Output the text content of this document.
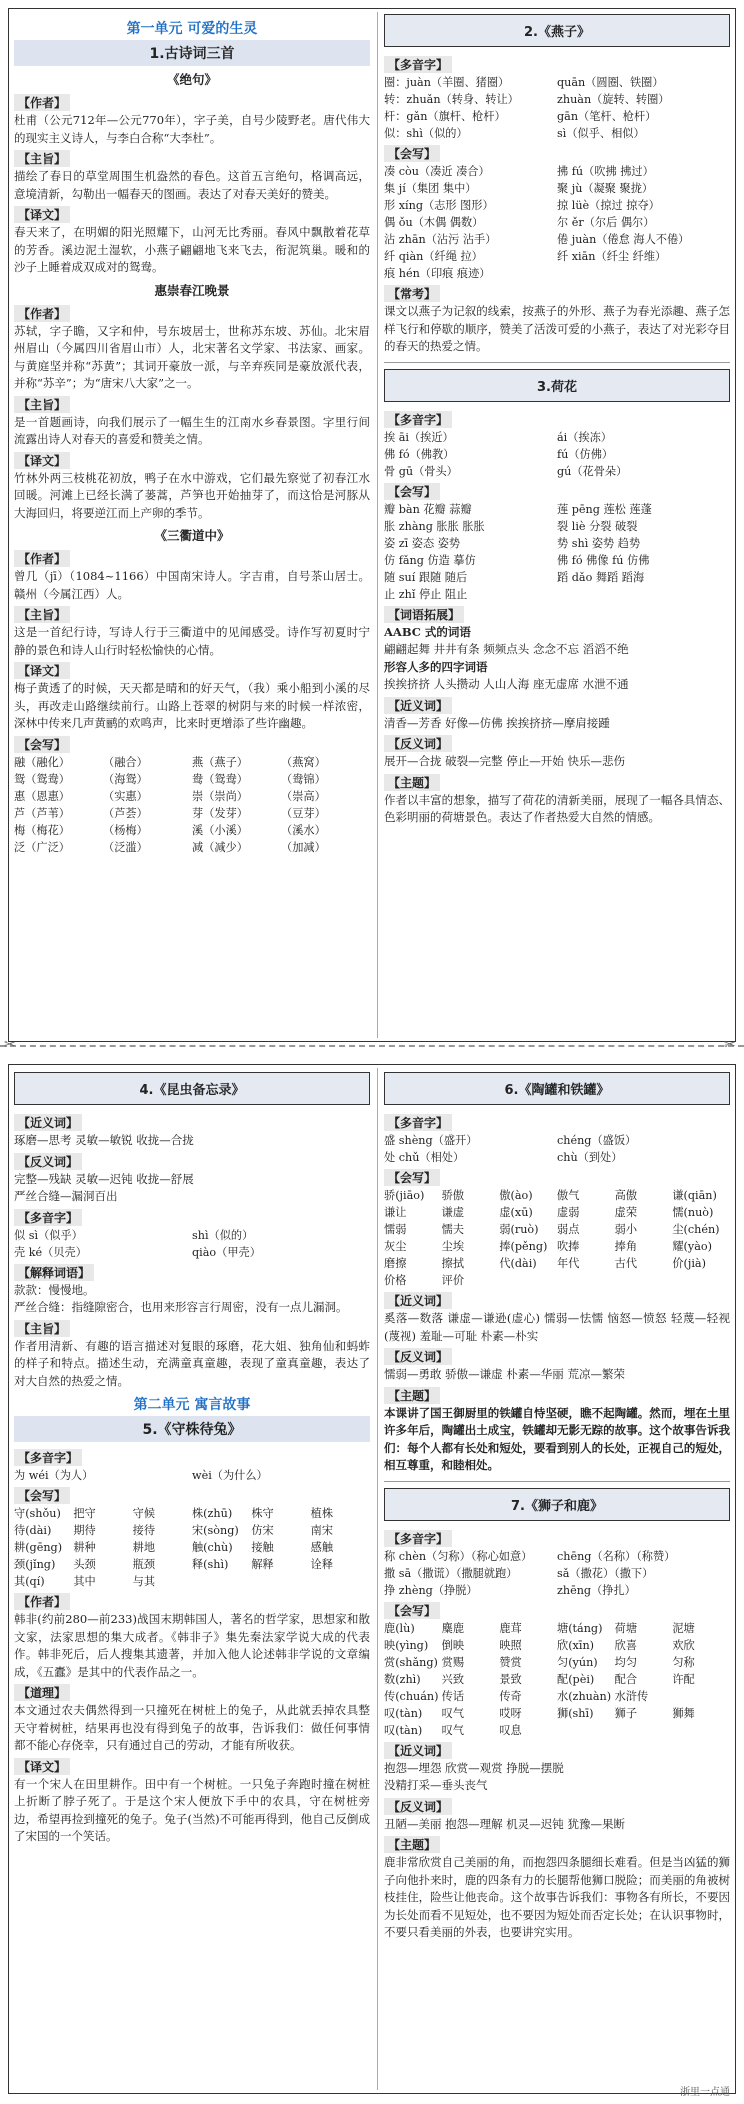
第一单元 可爱的生灵
1.古诗词三首
《绝句》
【作者】
杜甫（公元712年—公元770年），字子美，自号少陵野老。唐代伟大的现实主义诗人，与李白合称“大李杜”。
【主旨】
描绘了春日的草堂周围生机盎然的春色。这首五言绝句，格调高远，意境清新，勾勒出一幅春天的图画。表达了对春天美好的赞美。
【译文】
春天来了，在明媚的阳光照耀下，山河无比秀丽。春风中飘散着花草的芳香。溪边泥土湿软，小燕子翩翩地飞来飞去，衔泥筑巢。暖和的沙子上睡着成双成对的鸳鸯。
惠崇春江晚景
【作者】
苏轼，字子瞻，又字和仲，号东坡居士，世称苏东坡、苏仙。北宋眉州眉山（今属四川省眉山市）人，北宋著名文学家、书法家、画家。与黄庭坚并称“苏黄”；其词开豪放一派，与辛弃疾同是豪放派代表，并称“苏辛”；为“唐宋八大家”之一。
【主旨】
是一首题画诗，向我们展示了一幅生生的江南水乡春景图。字里行间流露出诗人对春天的喜爱和赞美之情。
【译文】
竹林外两三枝桃花初放，鸭子在水中游戏，它们最先察觉了初春江水回暖。河滩上已经长满了蒌蒿，芦笋也开始抽芽了，而这恰是河豚从大海回归，将要逆江而上产卵的季节。
《三衢道中》
【作者】
曾几（jī）（1084~1166）中国南宋诗人。字吉甫，自号茶山居士。赣州（今属江西）人。
【主旨】
这是一首纪行诗，写诗人行于三衢道中的见闻感受。诗作写初夏时宁静的景色和诗人山行时轻松愉快的心情。
【译文】
梅子黄透了的时候，天天都是晴和的好天气，（我）乘小船到小溪的尽头，再改走山路继续前行。山路上苍翠的树阴与来的时候一样浓密，深林中传来几声黄鹂的欢鸣声，比来时更增添了些许幽趣。
【会写】
融（融化）	（融合）	燕（燕子）	（燕窝）
鸳（鸳鸯）	（海鸳）	鸯（鸳鸯）	（鸯锦）
惠（恩惠）	（实惠）	崇（崇尚）	（崇高）
芦（芦苇）	（芦荟）	芽（发芽）	（豆芽）
梅（梅花）	（杨梅）	溪（小溪）	（溪水）
泛（广泛）	（泛滥）	减（减少）	（加减）
2.《燕子》
【多音字】
圈：juàn（羊圈、猪圈）	quān（圆圈、铁圈）
转：zhuǎn（转身、转让）	zhuàn（旋转、转圈）
杆：gǎn（旗杆、枪杆）	gān（笔杆、枪杆）
似：shì（似的）	sì（似乎、相似）
【会写】
凑 còu（凑近 凑合）	拂 fú（吹拂 拂过）
集 jí（集团 集中）	聚 jù（凝聚 聚拢）
形 xíng（志形 图形）	掠 lüè（掠过 掠夺）
偶 ǒu（木偶 偶数）	尔 ěr（尔后 偶尔）
沾 zhān（沾污 沾手）	倦 juàn（倦怠 海人不倦）
纤 qiàn（纤绳 拉）	纤 xiān（纤尘 纤维）
痕 hén（印痕 痕迹）
【常考】
课文以燕子为记叙的线索，按燕子的外形、燕子为春光添趣、燕子怎样飞行和停歇的顺序，赞美了活泼可爱的小燕子，表达了对光彩夺目的春天的热爱之情。
3.荷花
【多音字】
挨 āi（挨近）	ái（挨冻）
佛 fó（佛教）	fú（仿佛）
骨 gū（骨头）	gú（花骨朵）
【会写】
瓣 bàn 花瓣 蒜瓣	莲 pēng 莲松 莲蓬
胀 zhàng 胀胀 胀胀	裂 liè 分裂 破裂
姿 zī 姿态 姿势	势 shì 姿势 趋势
仿 fǎng 仿造 摹仿	佛 fó 佛像 fú 仿佛
随 suí 跟随 随后	蹈 dǎo 舞蹈 蹈海
止 zhǐ 停止 阻止
【词语拓展】
AABC 式的词语
翩翩起舞 井井有条 频频点头 念念不忘 滔滔不绝
形容人多的四字词语
挨挨挤挤 人头攒动 人山人海 座无虚席 水泄不通
【近义词】
清香—芳香 好像—仿佛 挨挨挤挤—摩肩接踵
【反义词】
展开—合拢 破裂—完整 停止—开始 快乐—悲伤
【主题】
作者以丰富的想象，描写了荷花的清新美丽，展现了一幅各具情态、色彩明丽的荷塘景色。表达了作者热爱大自然的情感。
✂	✂
4.《昆虫备忘录》
【近义词】
琢磨—思考 灵敏—敏锐 收拢—合拢
【反义词】
完整—残缺 灵敏—迟钝 收拢—舒展
严丝合缝—漏洞百出
【多音字】
似 sì（似乎）	shì（似的）
壳 ké（贝壳）	qiào（甲壳）
【解释词语】
款款：慢慢地。
严丝合缝：指缝隙密合，也用来形容言行周密，没有一点儿漏洞。
【主旨】
作者用清新、有趣的语言描述对复眼的琢磨，花大姐、独角仙和蚂蚱的样子和特点。描述生动，充满童真童趣，表现了童真童趣，表达了对大自然的热爱之情。
第二单元 寓言故事
5.《守株待兔》
【多音字】
为 wéi（为人）	wèi（为什么）
【会写】
守(shǒu)	把守	守候	株(zhū)	株守	植株
待(dài)	期待	接待	宋(sòng)	仿宋	南宋
耕(gēng)	耕种	耕地	触(chù)	接触	感触
颈(jǐng)	头颈	瓶颈	释(shì)	解释	诠释
其(qí)	其中	与其
【作者】
韩非(约前280—前233)战国末期韩国人，著名的哲学家，思想家和散文家，法家思想的集大成者。《韩非子》集先秦法家学说大成的代表作。韩非死后，后人搜集其遗著，并加入他人论述韩非学说的文章编成，《五蠹》是其中的代表作品之一。
【道理】
本文通过农夫偶然得到一只撞死在树桩上的兔子，从此就丢掉农具整天守着树桩，结果再也没有得到兔子的故事，告诉我们：做任何事情都不能心存侥幸，只有通过自己的劳动，才能有所收获。
【译文】
有一个宋人在田里耕作。田中有一个树桩。一只兔子奔跑时撞在树桩上折断了脖子死了。于是这个宋人便放下手中的农具，守在树桩旁边，希望再捡到撞死的兔子。兔子(当然)不可能再得到，他自己反倒成了宋国的一个笑话。
6.《陶罐和铁罐》
【多音字】
盛 shèng（盛开）	chéng（盛饭）
处 chǔ（相处）	chù（到处）
【会写】
骄(jiāo)	骄傲	傲(ào)	傲气	高傲	谦(qiān)
谦让	谦虚	虚(xū)	虚弱	虚荣	懦(nuò)
懦弱	懦夫	弱(ruò)	弱点	弱小	尘(chén)
灰尘	尘埃	捧(pěng) 吹捧	捧角	耀(yào)
磨擦	擦拭	代(dài)	年代	古代	价(jià)
价格	评价
【近义词】
奚落—数落 谦虚—谦逊(虚心) 懦弱—怯懦 恼怒—愤怒 轻蔑—轻视(蔑视) 羞耻—可耻 朴素—朴实
【反义词】
懦弱—勇敢 骄傲—谦虚 朴素—华丽 荒凉—繁荣
【主题】
本课讲了国王御厨里的铁罐自恃坚硬，瞧不起陶罐。然而，埋在土里许多年后，陶罐出土成宝，铁罐却无影无踪的故事。这个故事告诉我们：每个人都有长处和短处，要看到别人的长处，正视自己的短处，相互尊重，和睦相处。
7.《狮子和鹿》
【多音字】
称 chèn（匀称）（称心如意）	chēng（名称）（称赞）
撒 sā（撒谎）（撒腿就跑）	sǎ（撒花）（撒下）
挣 zhèng（挣脱）	zhēng（挣扎）
【会写】
鹿(lù)	麋鹿	鹿茸	塘(táng)	荷塘	泥塘
映(yìng)	倒映	映照	欣(xīn)	欣喜	欢欣
赏(shǎng) 赏赐	赞赏	匀(yún)	均匀	匀称
数(zhì)	兴致	景致	配(pèi)	配合	许配
传(chuán) 传话	传奇	水(zhuàn) 水浒传
叹(tàn)	叹气	哎呀	狮(shī)	狮子	狮舞
叹(tàn)	叹气	叹息
【近义词】
抱怨—埋怨 欣赏—观赏 挣脱—摆脱
没精打采—垂头丧气
【反义词】
丑陋—美丽 抱怨—理解 机灵—迟钝 犹豫—果断
【主题】
鹿非常欣赏自己美丽的角，而抱怨四条腿细长难看。但是当凶猛的狮子向他扑来时，鹿的四条有力的长腿帮他狮口脱险；而美丽的角被树枝挂住，险些让他丧命。这个故事告诉我们：事物各有所长，不要因为长处而看不见短处，也不要因为短处而否定长处；在认识事物时，不要只看美丽的外表，也要讲究实用。
浙里一点通
